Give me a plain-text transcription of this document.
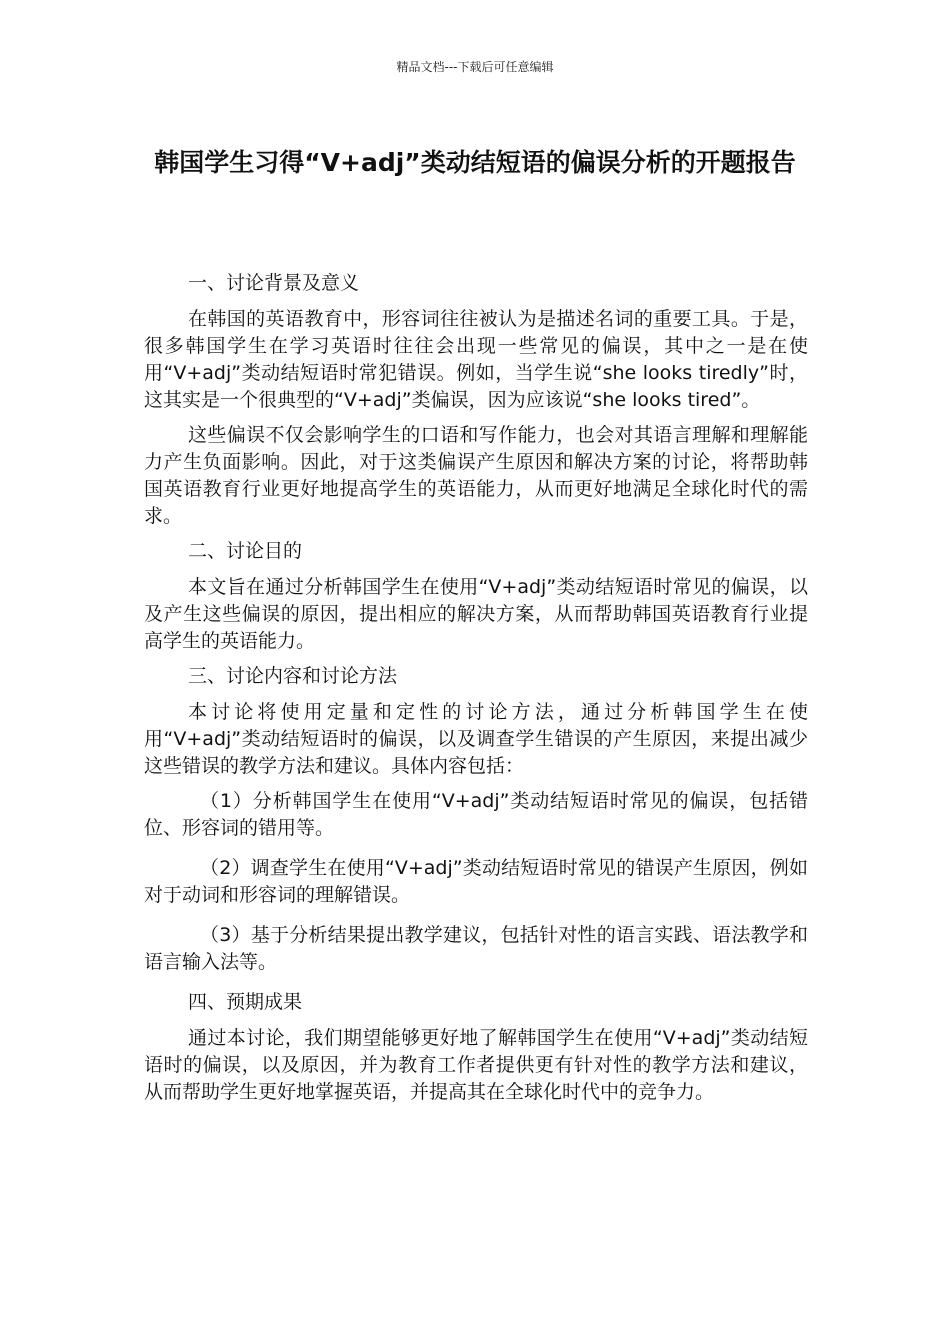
精品文档---下载后可任意编辑
韩国学生习得“V+adj”类动结短语的偏误分析的开题报告

一、讨论背景及意义

在韩国的英语教育中，形容词往往被认为是描述名词的重要工具。于是，很多韩国学生在学习英语时往往会出现一些常见的偏误，其中之一是在使用“V+adj”类动结短语时常犯错误。例如，当学生说“she looks tiredly”时，这其实是一个很典型的“V+adj”类偏误，因为应该说“she looks tired”。

这些偏误不仅会影响学生的口语和写作能力，也会对其语言理解和理解能力产生负面影响。因此，对于这类偏误产生原因和解决方案的讨论，将帮助韩国英语教育行业更好地提高学生的英语能力，从而更好地满足全球化时代的需求。

二、讨论目的

本文旨在通过分析韩国学生在使用“V+adj”类动结短语时常见的偏误，以及产生这些偏误的原因，提出相应的解决方案，从而帮助韩国英语教育行业提高学生的英语能力。

三、讨论内容和讨论方法

本讨论将使用定量和定性的讨论方法，通过分析韩国学生在使用“V+adj”类动结短语时的偏误，以及调查学生错误的产生原因，来提出减少这些错误的教学方法和建议。具体内容包括：

（1）分析韩国学生在使用“V+adj”类动结短语时常见的偏误，包括错位、形容词的错用等。

（2）调查学生在使用“V+adj”类动结短语时常见的错误产生原因，例如对于动词和形容词的理解错误。

（3）基于分析结果提出教学建议，包括针对性的语言实践、语法教学和语言输入法等。

四、预期成果

通过本讨论，我们期望能够更好地了解韩国学生在使用“V+adj”类动结短语时的偏误，以及原因，并为教育工作者提供更有针对性的教学方法和建议，从而帮助学生更好地掌握英语，并提高其在全球化时代中的竞争力。
